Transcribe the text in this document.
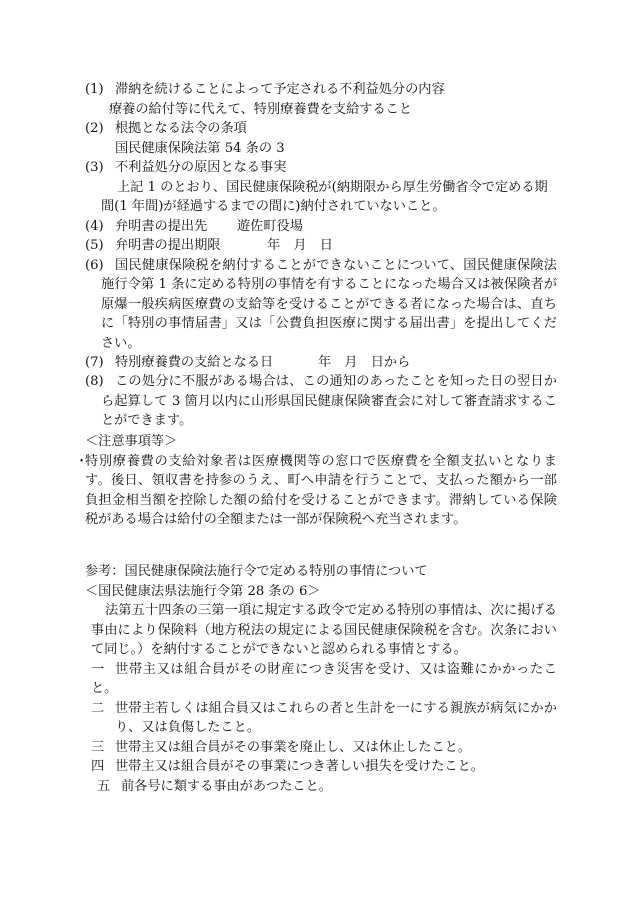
(1) 滞納を続けることによって予定される不利益処分の内容
療養の給付等に代えて、特別療養費を支給すること
(2) 根拠となる法令の条項
国民健康保険法第 54 条の 3
(3) 不利益処分の原因となる事実
上記 1 のとおり、国民健康保険税が(納期限から厚生労働省令で定める期間(1 年間)が経過するまでの間に)納付されていないこと。
(4) 弁明書の提出先 遊佐町役場
(5) 弁明書の提出期限	年　月　日
(6) 国民健康保険税を納付することができないことについて、国民健康保険法施行令第 1 条に定める特別の事情を有することになった場合又は被保険者が原爆一般疾病医療費の支給等を受けることができる者になった場合は、直ちに「特別の事情届書」又は「公費負担医療に関する届出書」を提出してください。
(7) 特別療養費の支給となる日	年　月　日から
(8) この処分に不服がある場合は、この通知のあったことを知った日の翌日から起算して 3 箇月以内に山形県国民健康保険審査会に対して審査請求することができます。
＜注意事項等＞
・
特別療養費の支給対象者は医療機関等の窓口で医療費を全額支払いとなります。後日、領収書を持参のうえ、町へ申請を行うことで、支払った額から一部負担金相当額を控除した額の給付を受けることができます。滞納している保険税がある場合は給付の全額または一部が保険税へ充当されます。
参考：国民健康保険法施行令で定める特別の事情について
＜国民健康法県法施行令第 28 条の 6＞
法第五十四条の三第一項に規定する政令で定める特別の事情は、次に掲げる事由により保険料（地方税法の規定による国民健康保険税を含む。次条において同じ。）を納付することができないと認められる事情とする。
一 世帯主又は組合員がその財産につき災害を受け、又は盗難にかかったこと。
二 世帯主若しくは組合員又はこれらの者と生計を一にする親族が病気にかかり、又は負傷したこと。
三 世帯主又は組合員がその事業を廃止し、又は休止したこと。
四 世帯主又は組合員がその事業につき著しい損失を受けたこと。
五 前各号に類する事由があつたこと。
